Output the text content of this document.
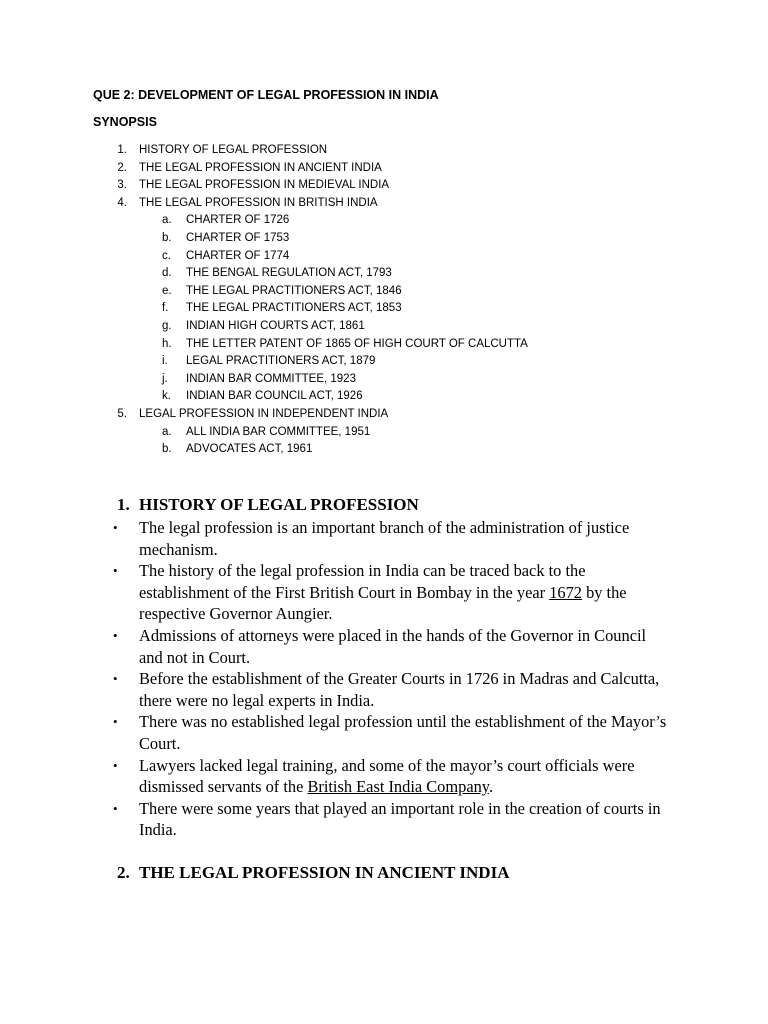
QUE 2: DEVELOPMENT OF LEGAL PROFESSION IN INDIA
SYNOPSIS
1. HISTORY OF LEGAL PROFESSION
2. THE LEGAL PROFESSION IN ANCIENT INDIA
3. THE LEGAL PROFESSION IN MEDIEVAL INDIA
4. THE LEGAL PROFESSION IN BRITISH INDIA
a.	CHARTER OF 1726
b.	CHARTER OF 1753
c.	CHARTER OF 1774
d.	THE BENGAL REGULATION ACT, 1793
e.	THE LEGAL PRACTITIONERS ACT, 1846
f.	THE LEGAL PRACTITIONERS ACT, 1853
g.	INDIAN HIGH COURTS ACT, 1861
h.	THE LETTER PATENT OF 1865 OF HIGH COURT OF CALCUTTA
i.	LEGAL PRACTITIONERS ACT, 1879
j.	INDIAN BAR COMMITTEE, 1923
k.	INDIAN BAR COUNCIL ACT, 1926
5. LEGAL PROFESSION IN INDEPENDENT INDIA
a.	ALL INDIA BAR COMMITTEE, 1951
b.	ADVOCATES ACT, 1961
1. HISTORY OF LEGAL PROFESSION
• The legal profession is an important branch of the administration of justice mechanism.
• The history of the legal profession in India can be traced back to the establishment of the First British Court in Bombay in the year 1672 by the respective Governor Aungier.
• Admissions of attorneys were placed in the hands of the Governor in Council and not in Court.
• Before the establishment of the Greater Courts in 1726 in Madras and Calcutta, there were no legal experts in India.
• There was no established legal profession until the establishment of the Mayor’s Court.
• Lawyers lacked legal training, and some of the mayor’s court officials were dismissed servants of the British East India Company.
• There were some years that played an important role in the creation of courts in India.
2. THE LEGAL PROFESSION IN ANCIENT INDIA
